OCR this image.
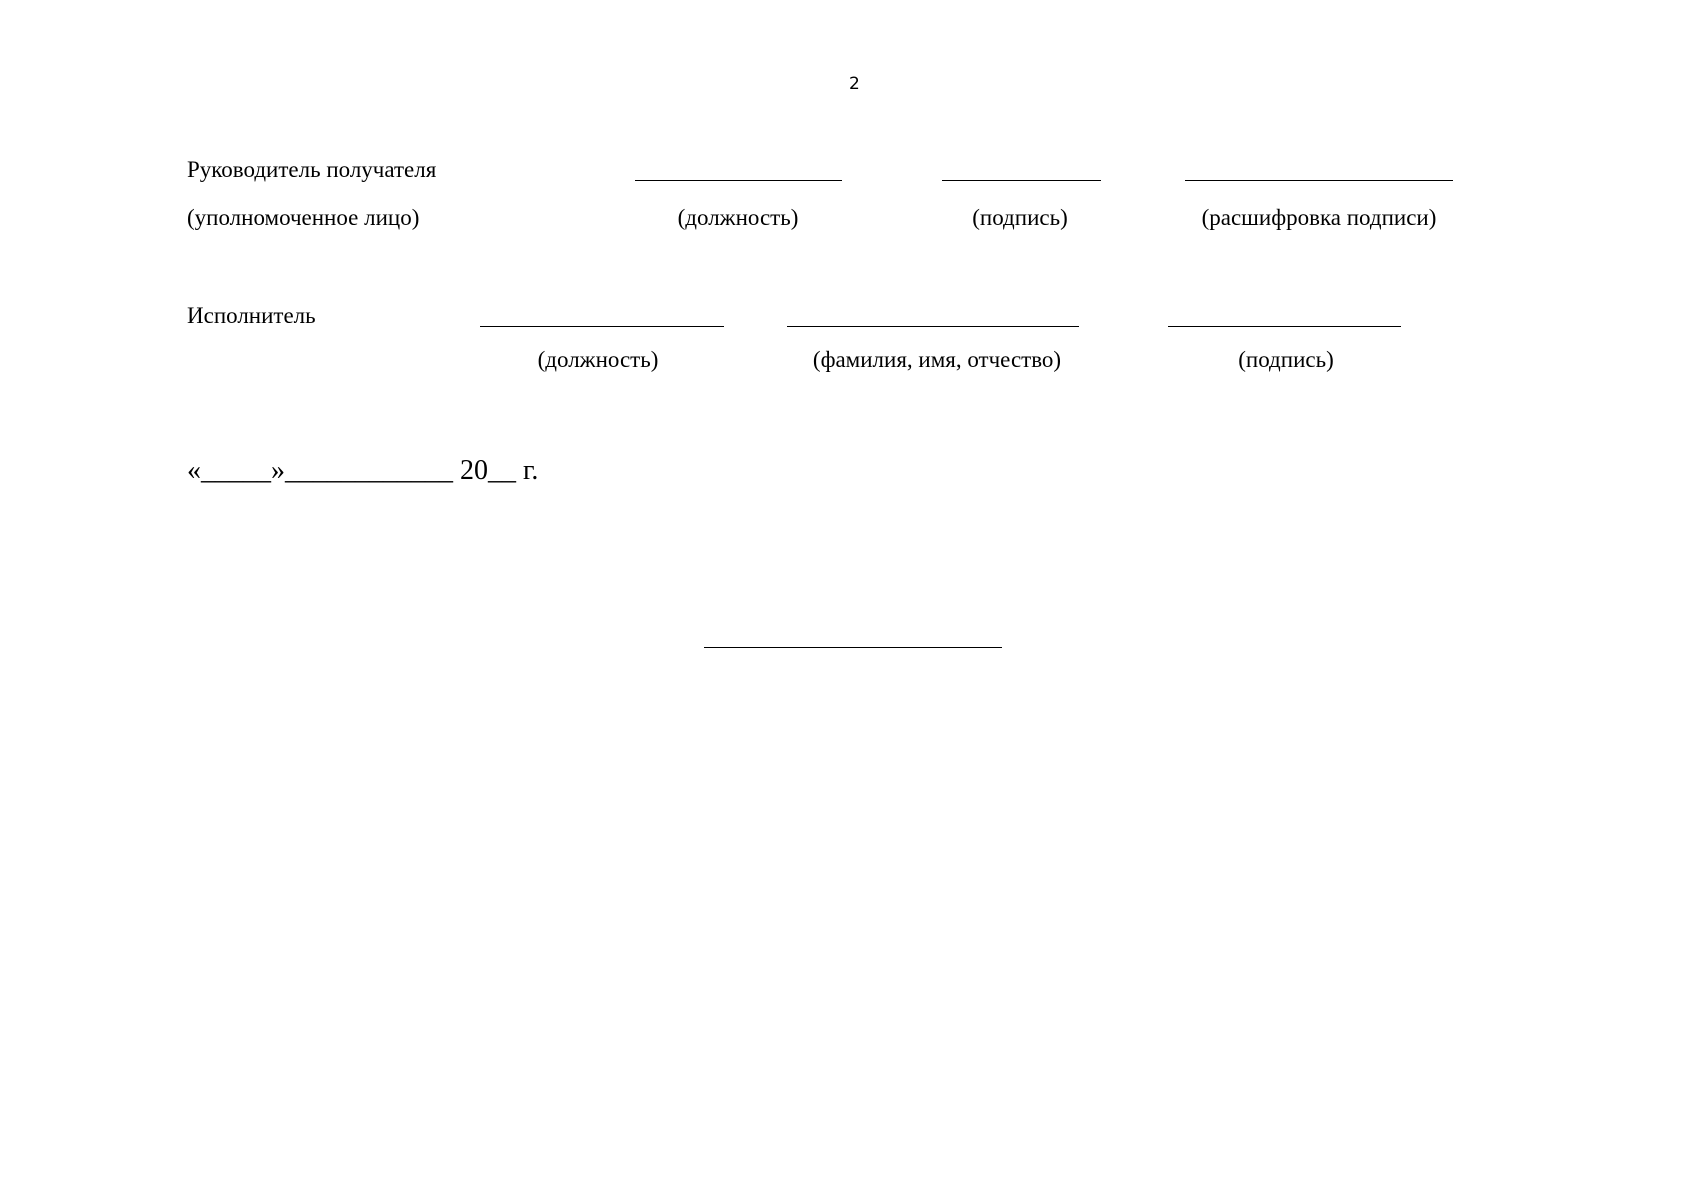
2
Руководитель получателя
(уполномоченное лицо)	(должность)	(подпись)	(расшифровка подписи)
Исполнитель
(должность)	(фамилия, имя, отчество)	(подпись)
«_____»____________ 20__ г.
